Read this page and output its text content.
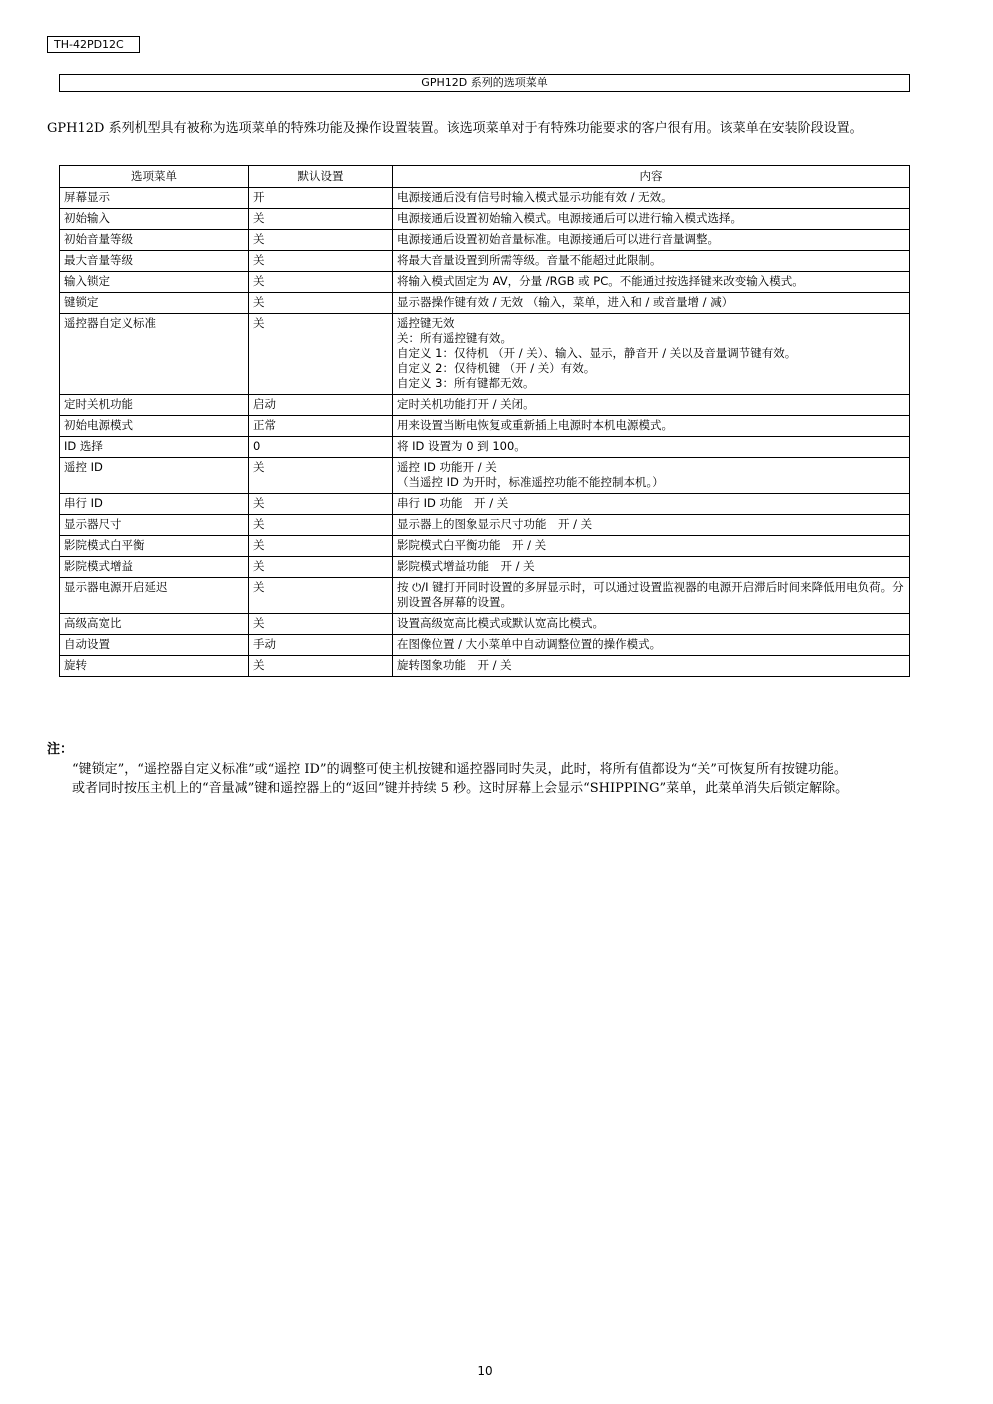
TH-42PD12C
GPH12D 系列的选项菜单
GPH12D 系列机型具有被称为选项菜单的特殊功能及操作设置装置。该选项菜单对于有特殊功能要求的客户很有用。该菜单在安装阶段设置。
选项菜单	默认设置	内容
屏幕显示	开	电源接通后没有信号时输入模式显示功能有效 / 无效。

初始输入	关	电源接通后设置初始输入模式。电源接通后可以进行输入模式选择。

初始音量等级	关	电源接通后设置初始音量标准。电源接通后可以进行音量调整。

最大音量等级	关	将最大音量设置到所需等级。音量不能超过此限制。

输入锁定	关	将输入模式固定为 AV，分量 /RGB 或 PC。不能通过按选择键来改变输入模式。

键锁定	关	显示器操作键有效 / 无效 （输入，菜单，进入和 / 或音量增 / 减）

遥控器自定义标准	关	遥控键无效
关：所有遥控键有效。
自定义 1：仅待机 （开 / 关）、输入、显示，静音开 / 关以及音量调节键有效。
自定义 2：仅待机键 （开 / 关）有效。
自定义 3：所有键都无效。

定时关机功能	启动	定时关机功能打开 / 关闭。

初始电源模式	正常	用来设置当断电恢复或重新插上电源时本机电源模式。

ID 选择	0	将 ID 设置为 0 到 100。

遥控 ID	关	遥控 ID 功能开 / 关
（当遥控 ID 为开时，标准遥控功能不能控制本机。）

串行 ID	关	串行 ID 功能　开 / 关

显示器尺寸	关	显示器上的图象显示尺寸功能　开 / 关

影院模式白平衡	关	影院模式白平衡功能　开 / 关

影院模式增益	关	影院模式增益功能　开 / 关

显示器电源开启延迟	关	按 ⏻/I 键打开同时设置的多屏显示时，可以通过设置监视器的电源开启滞后时间来降低用电负荷。分别设置各屏幕的设置。

高级高宽比	关	设置高级宽高比模式或默认宽高比模式。

自动设置	手动	在图像位置 / 大小菜单中自动调整位置的操作模式。

旋转	关	旋转图象功能　开 / 关
注：

“键锁定”，“遥控器自定义标准”或“遥控 ID”的调整可使主机按键和遥控器同时失灵，此时，将所有值都设为“关”可恢复所有按键功能。

或者同时按压主机上的“音量减”键和遥控器上的“返回”键并持续 5 秒。这时屏幕上会显示“SHIPPING”菜单，此菜单消失后锁定解除。

10
